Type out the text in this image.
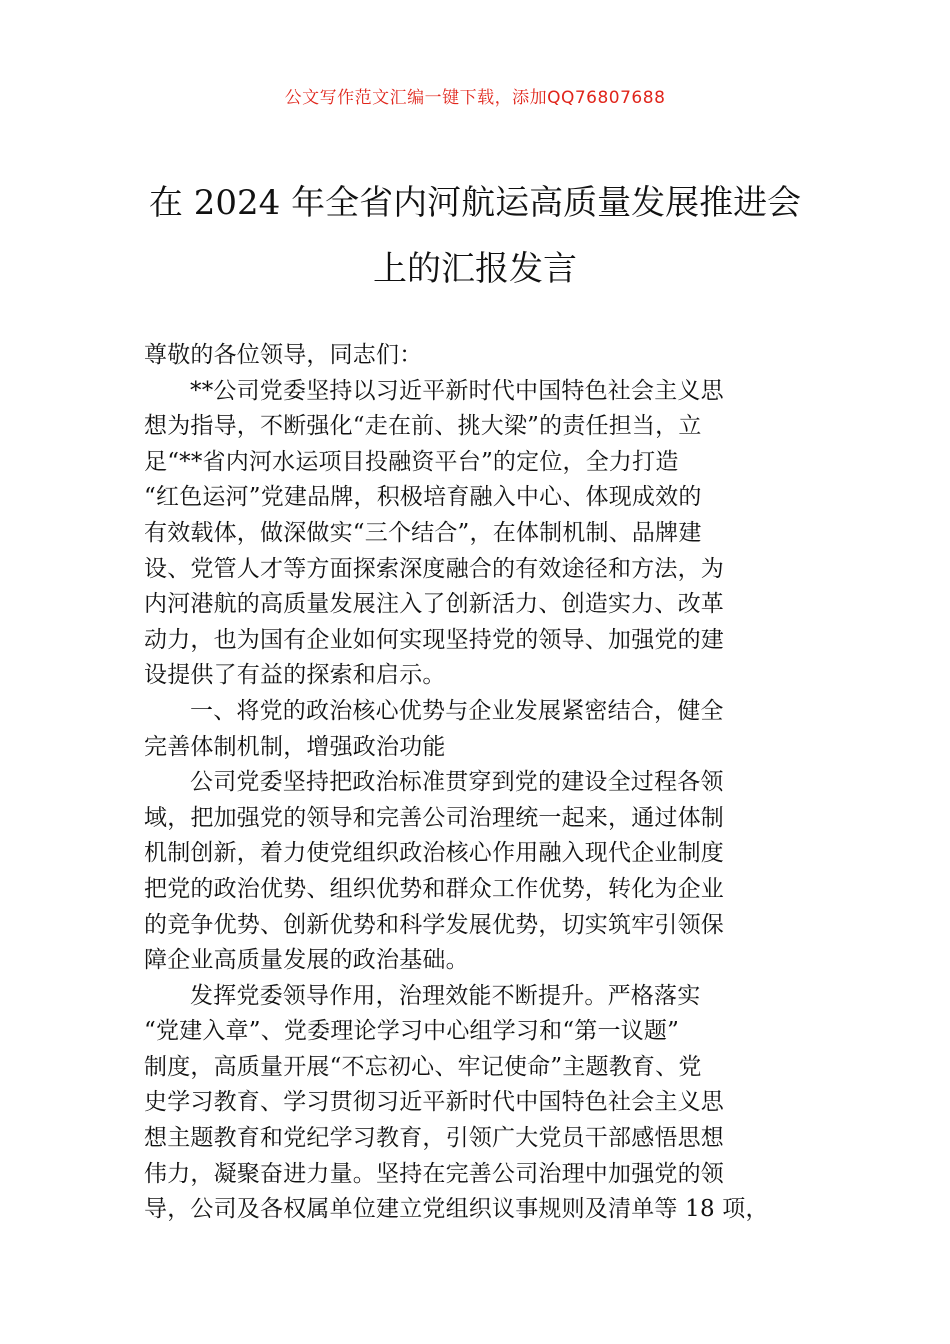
公文写作范文汇编一键下载，添加QQ76807688
在 2024 年全省内河航运高质量发展推进会
上的汇报发言
尊敬的各位领导，同志们：
**公司党委坚持以习近平新时代中国特色社会主义思
想为指导，不断强化“走在前、挑大梁”的责任担当，立
足“**省内河水运项目投融资平台”的定位，全力打造
“红色运河”党建品牌，积极培育融入中心、体现成效的
有效载体，做深做实“三个结合”，在体制机制、品牌建
设、党管人才等方面探索深度融合的有效途径和方法，为
内河港航的高质量发展注入了创新活力、创造实力、改革
动力，也为国有企业如何实现坚持党的领导、加强党的建
设提供了有益的探索和启示。
一、将党的政治核心优势与企业发展紧密结合，健全
完善体制机制，增强政治功能
公司党委坚持把政治标准贯穿到党的建设全过程各领
域，把加强党的领导和完善公司治理统一起来，通过体制
机制创新，着力使党组织政治核心作用融入现代企业制度
把党的政治优势、组织优势和群众工作优势，转化为企业
的竞争优势、创新优势和科学发展优势，切实筑牢引领保
障企业高质量发展的政治基础。
发挥党委领导作用，治理效能不断提升。严格落实
“党建入章”、党委理论学习中心组学习和“第一议题”
制度，高质量开展“不忘初心、牢记使命”主题教育、党
史学习教育、学习贯彻习近平新时代中国特色社会主义思
想主题教育和党纪学习教育，引领广大党员干部感悟思想
伟力，凝聚奋进力量。坚持在完善公司治理中加强党的领
导，公司及各权属单位建立党组织议事规则及清单等 18 项，
